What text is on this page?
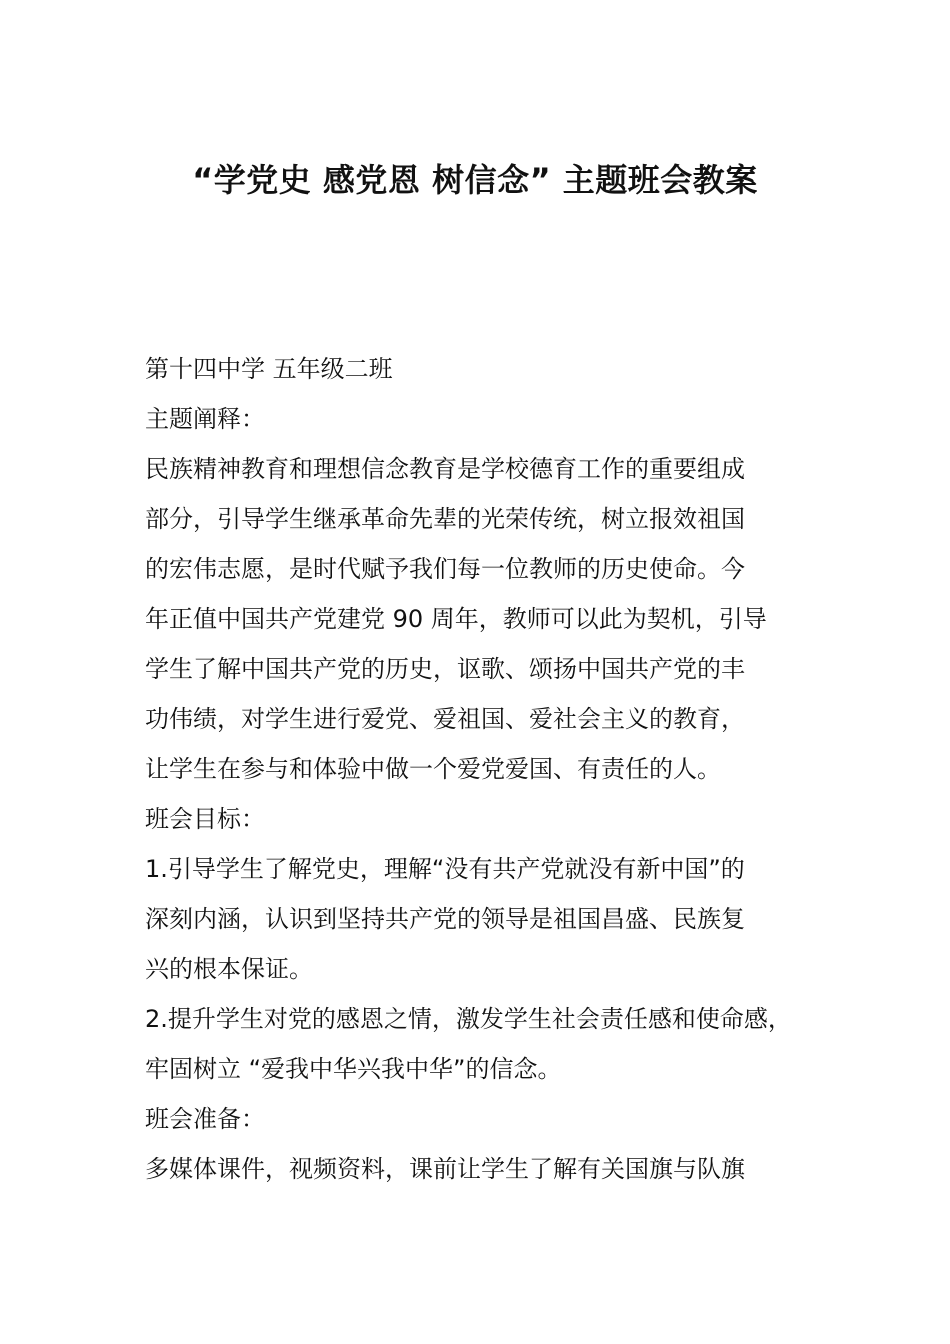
“学党史 感党恩 树信念” 主题班会教案
第十四中学 五年级二班
主题阐释：
民族精神教育和理想信念教育是学校德育工作的重要组成
部分，引导学生继承革命先辈的光荣传统，树立报效祖国
的宏伟志愿，是时代赋予我们每一位教师的历史使命。今
年正值中国共产党建党 90 周年，教师可以此为契机，引导
学生了解中国共产党的历史，讴歌、颂扬中国共产党的丰
功伟绩，对学生进行爱党、爱祖国、爱社会主义的教育，
让学生在参与和体验中做一个爱党爱国、有责任的人。
班会目标：
1.引导学生了解党史，理解“没有共产党就没有新中国”的
深刻内涵，认识到坚持共产党的领导是祖国昌盛、民族复
兴的根本保证。
2.提升学生对党的感恩之情，激发学生社会责任感和使命感，
牢固树立 “爱我中华兴我中华”的信念。
班会准备：
多媒体课件，视频资料，课前让学生了解有关国旗与队旗
